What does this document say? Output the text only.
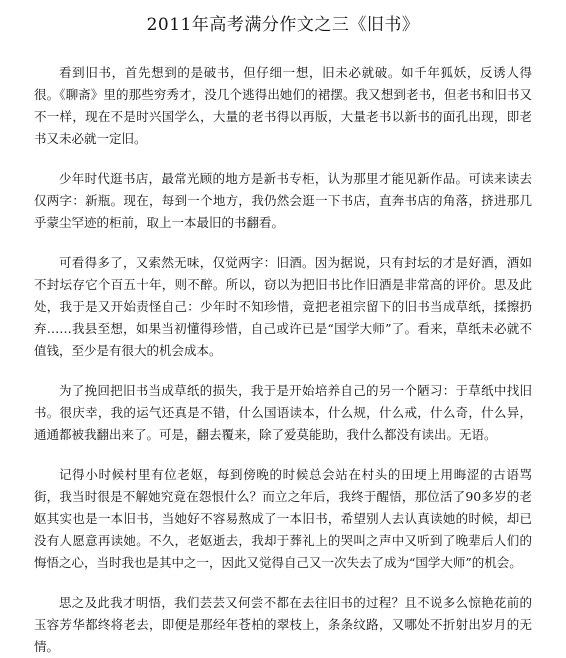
2011年高考满分作文之三《旧书》

看到旧书，首先想到的是破书，但仔细一想，旧未必就破。如千年狐妖，反诱人得很。《聊斋》里的那些穷秀才，没几个逃得出她们的裙摆。我又想到老书，但老书和旧书又不一样，现在不是时兴国学么，大量的老书得以再版，大量老书以新书的面孔出现，即老书又未必就一定旧。

少年时代逛书店，最常光顾的地方是新书专柜，认为那里才能见新作品。可读来读去仅两字：新瓶。现在，每到一个地方，我仍然会逛一下书店，直奔书店的角落，挤进那几乎蒙尘罕迹的柜前，取上一本最旧的书翻看。

可看得多了，又索然无味，仅觉两字：旧酒。因为据说，只有封坛的才是好酒，酒如不封坛存它个百五十年，则不醉。所以，窃以为把旧书比作旧酒是非常高的评价。思及此处，我于是又开始责怪自己：少年时不知珍惜，竟把老祖宗留下的旧书当成草纸，揉擦扔弃……我县至想，如果当初懂得珍惜，自己或许已是“国学大师”了。看来，草纸未必就不值钱，至少是有很大的机会成本。

为了挽回把旧书当成草纸的损失，我于是开始培养自己的另一个陋习：于草纸中找旧书。很庆幸，我的运气还真是不错，什么国语读本，什么规，什么戒，什么奇，什么异，通通都被我翻出来了。可是，翻去覆来，除了爱莫能助，我什么都没有读出。无语。

记得小时候村里有位老妪，每到傍晚的时候总会站在村头的田埂上用晦涩的古语骂街，我当时很是不解她究竟在怨恨什么？而立之年后，我终于醒悟，那位活了90多岁的老妪其实也是一本旧书，当她好不容易熬成了一本旧书，希望别人去认真读她的时候，却已没有人愿意再读她。不久，老妪逝去，我却于葬礼上的哭叫之声中又听到了晚辈后人们的悔悟之心，当时我也是其中之一，因此又觉得自己又一次失去了成为“国学大师”的机会。

思之及此我才明悟，我们芸芸又何尝不都在去往旧书的过程？且不说多么惊艳花前的玉容芳华都终将老去，即便是那经年苍柏的翠枝上，条条纹路，又哪处不折射出岁月的无情。
